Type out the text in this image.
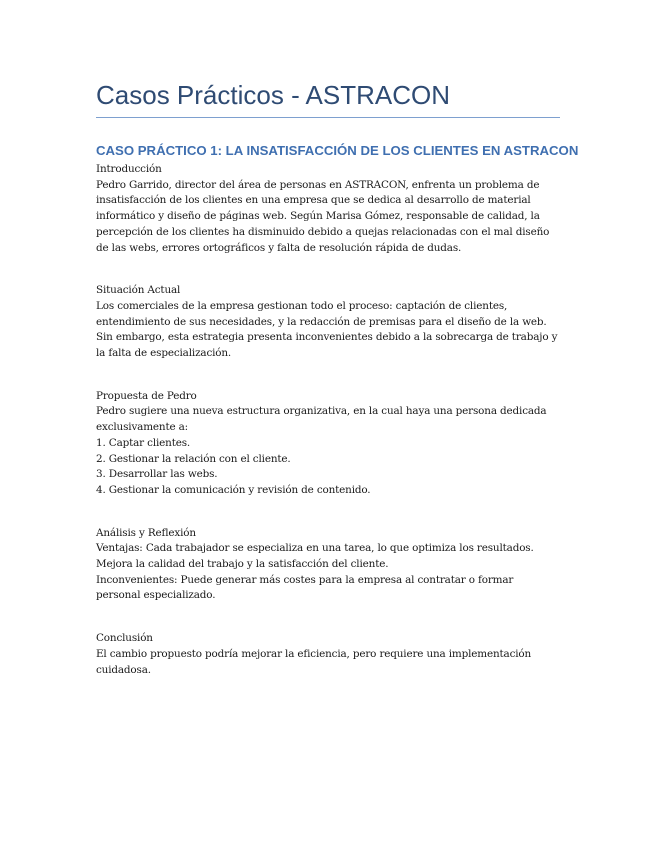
Casos Prácticos - ASTRACON
CASO PRÁCTICO 1: LA INSATISFACCIÓN DE LOS CLIENTES EN ASTRACON
Introducción
Pedro Garrido, director del área de personas en ASTRACON, enfrenta un problema de insatisfacción de los clientes en una empresa que se dedica al desarrollo de material informático y diseño de páginas web. Según Marisa Gómez, responsable de calidad, la percepción de los clientes ha disminuido debido a quejas relacionadas con el mal diseño de las webs, errores ortográficos y falta de resolución rápida de dudas.
Situación Actual
Los comerciales de la empresa gestionan todo el proceso: captación de clientes, entendimiento de sus necesidades, y la redacción de premisas para el diseño de la web. Sin embargo, esta estrategia presenta inconvenientes debido a la sobrecarga de trabajo y la falta de especialización.
Propuesta de Pedro
Pedro sugiere una nueva estructura organizativa, en la cual haya una persona dedicada exclusivamente a:
1. Captar clientes.
2. Gestionar la relación con el cliente.
3. Desarrollar las webs.
4. Gestionar la comunicación y revisión de contenido.
Análisis y Reflexión
Ventajas: Cada trabajador se especializa en una tarea, lo que optimiza los resultados. Mejora la calidad del trabajo y la satisfacción del cliente.
Inconvenientes: Puede generar más costes para la empresa al contratar o formar personal especializado.
Conclusión
El cambio propuesto podría mejorar la eficiencia, pero requiere una implementación cuidadosa.
